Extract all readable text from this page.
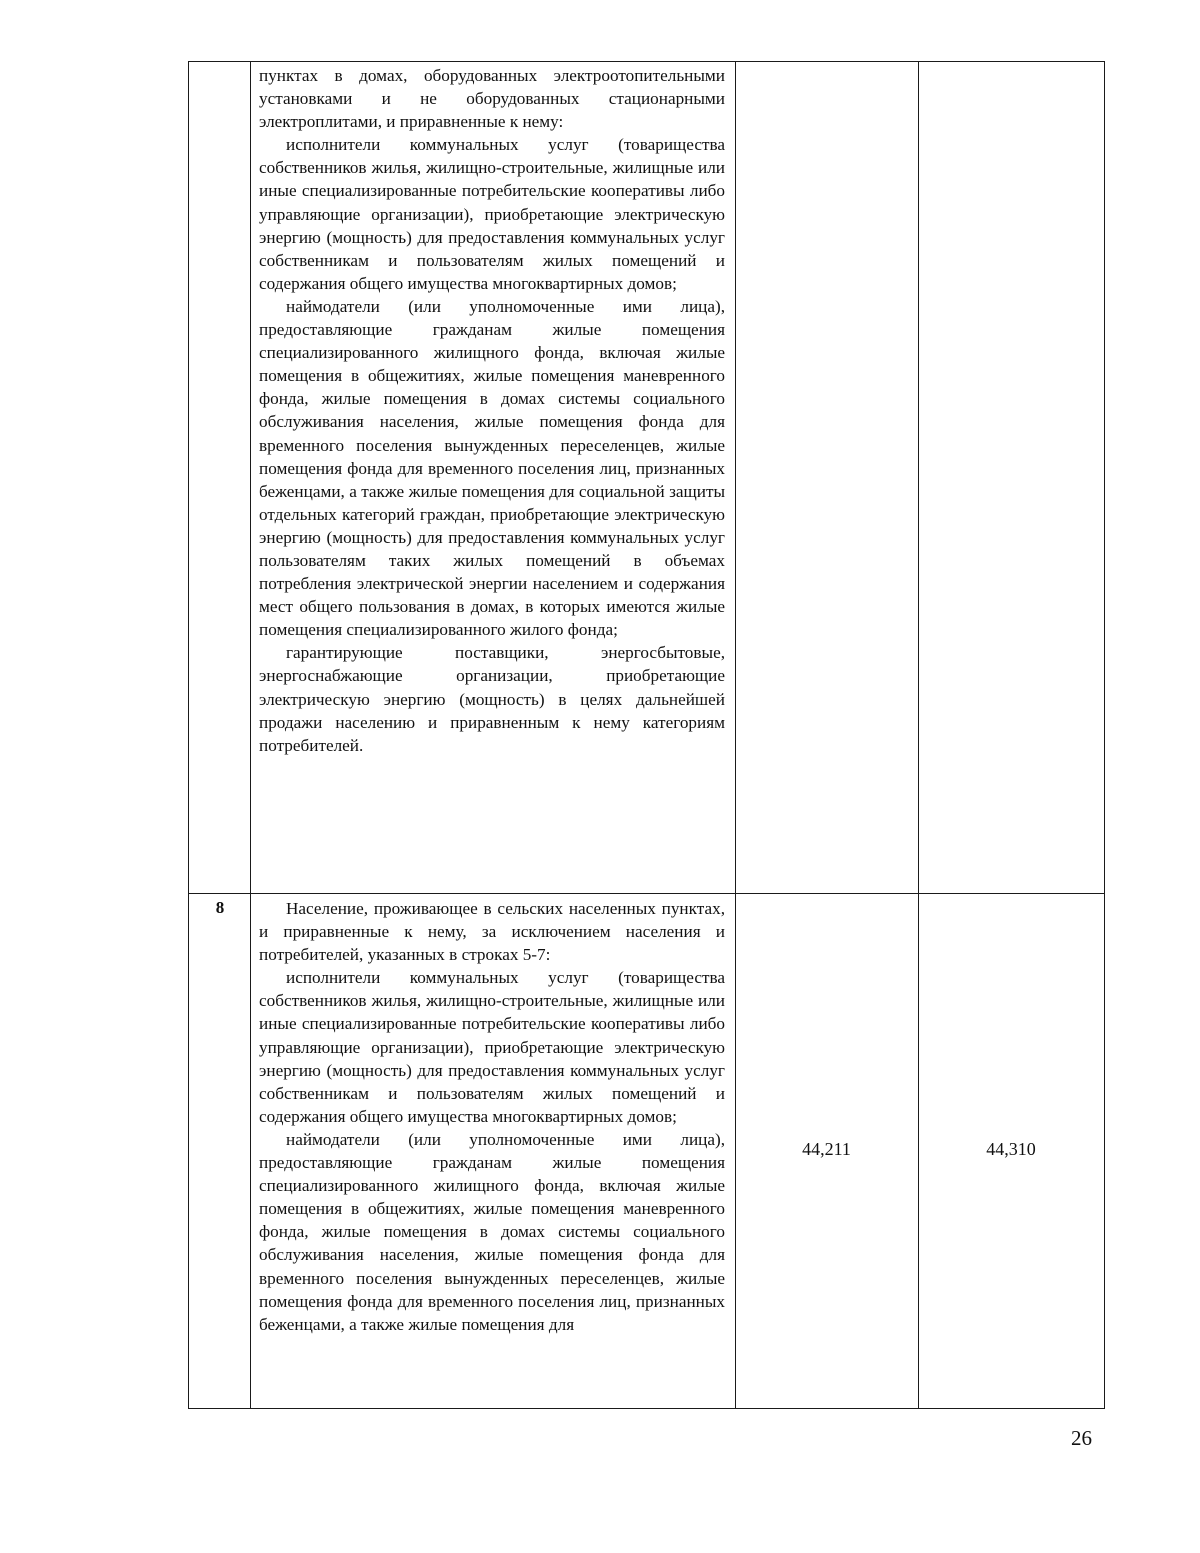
пунктах в домах, оборудованных электроотопительными установками и не оборудованных стационарными электроплитами, и приравненные к нему:

исполнители коммунальных услуг (товарищества собственников жилья, жилищно-строительные, жилищные или иные специализированные потребительские кооперативы либо управляющие организации), приобретающие электрическую энергию (мощность) для предоставления коммунальных услуг собственникам и пользователям жилых помещений и содержания общего имущества многоквартирных домов;

наймодатели (или уполномоченные ими лица), предоставляющие гражданам жилые помещения специализированного жилищного фонда, включая жилые помещения в общежитиях, жилые помещения маневренного фонда, жилые помещения в домах системы социального обслуживания населения, жилые помещения фонда для временного поселения вынужденных переселенцев, жилые помещения фонда для временного поселения лиц, признанных беженцами, а также жилые помещения для социальной защиты отдельных категорий граждан, приобретающие электрическую энергию (мощность) для предоставления коммунальных услуг пользователям таких жилых помещений в объемах потребления электрической энергии населением и содержания мест общего пользования в домах, в которых имеются жилые помещения специализированного жилого фонда;

гарантирующие поставщики, энергосбытовые, энергоснабжающие организации, приобретающие электрическую энергию (мощность) в целях дальнейшей продажи населению и приравненным к нему категориям потребителей.

8	Население, проживающее в сельских населенных пунктах, и приравненные к нему, за исключением населения и потребителей, указанных в строках 5-7:

исполнители коммунальных услуг (товарищества собственников жилья, жилищно-строительные, жилищные или иные специализированные потребительские кооперативы либо управляющие организации), приобретающие электрическую энергию (мощность) для предоставления коммунальных услуг собственникам и пользователям жилых помещений и содержания общего имущества многоквартирных домов;

наймодатели (или уполномоченные ими лица), предоставляющие гражданам жилые помещения специализированного жилищного фонда, включая жилые помещения в общежитиях, жилые помещения маневренного фонда, жилые помещения в домах системы социального обслуживания населения, жилые помещения фонда для временного поселения вынужденных переселенцев, жилые помещения фонда для временного поселения лиц, признанных беженцами, а также жилые помещения для

44,211	44,310
26
